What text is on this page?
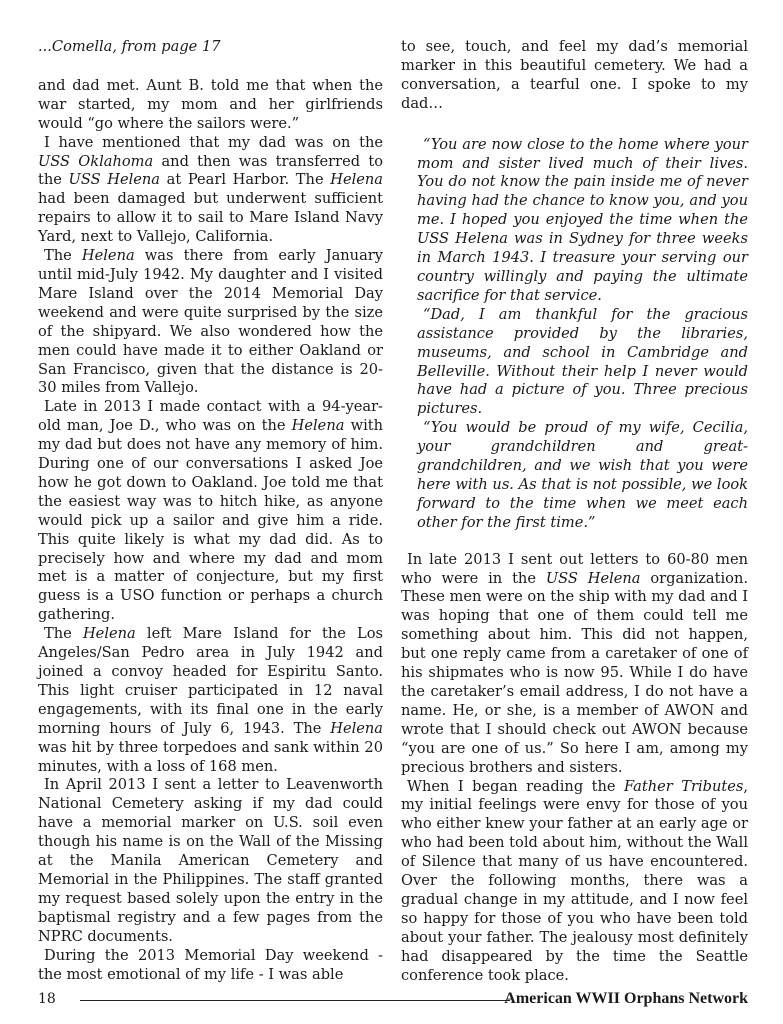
...Comella, from page 17

and dad met. Aunt B. told me that when the war started, my mom and her girlfriends would “go where the sailors were.”

I have mentioned that my dad was on the USS Oklahoma and then was transferred to the USS Helena at Pearl Harbor. The Helena had been damaged but underwent sufficient repairs to allow it to sail to Mare Island Navy Yard, next to Vallejo, California.

The Helena was there from early January until mid-July 1942. My daughter and I visited Mare Island over the 2014 Memorial Day weekend and were quite surprised by the size of the shipyard. We also wondered how the men could have made it to either Oakland or San Francisco, given that the distance is 20-30 miles from Vallejo.

Late in 2013 I made contact with a 94-year-old man, Joe D., who was on the Helena with my dad but does not have any memory of him. During one of our conversations I asked Joe how he got down to Oakland. Joe told me that the easiest way was to hitch hike, as anyone would pick up a sailor and give him a ride. This quite likely is what my dad did. As to precisely how and where my dad and mom met is a matter of conjecture, but my first guess is a USO function or perhaps a church gathering.

The Helena left Mare Island for the Los Angeles/San Pedro area in July 1942 and joined a convoy headed for Espiritu Santo. This light cruiser participated in 12 naval engagements, with its final one in the early morning hours of July 6, 1943. The Helena was hit by three torpedoes and sank within 20 minutes, with a loss of 168 men.

In April 2013 I sent a letter to Leavenworth National Cemetery asking if my dad could have a memorial marker on U.S. soil even though his name is on the Wall of the Missing at the Manila American Cemetery and Memorial in the Philippines. The staff granted my request based solely upon the entry in the baptismal registry and a few pages from the NPRC documents.

During the 2013 Memorial Day weekend - the most emotional of my life - I was able

to see, touch, and feel my dad’s memorial marker in this beautiful cemetery. We had a conversation, a tearful one. I spoke to my dad…

“You are now close to the home where your mom and sister lived much of their lives. You do not know the pain inside me of never having had the chance to know you, and you me. I hoped you enjoyed the time when the USS Helena was in Sydney for three weeks in March 1943. I treasure your serving our country willingly and paying the ultimate sacrifice for that service.

“Dad, I am thankful for the gracious assistance provided by the libraries, museums, and school in Cambridge and Belleville. Without their help I never would have had a picture of you. Three precious pictures.

“You would be proud of my wife, Cecilia, your grandchildren and great-grandchildren, and we wish that you were here with us. As that is not possible, we look forward to the time when we meet each other for the first time.”

In late 2013 I sent out letters to 60-80 men who were in the USS Helena organization. These men were on the ship with my dad and I was hoping that one of them could tell me something about him. This did not happen, but one reply came from a caretaker of one of his shipmates who is now 95. While I do have the caretaker’s email address, I do not have a name. He, or she, is a member of AWON and wrote that I should check out AWON because “you are one of us.” So here I am, among my precious brothers and sisters.

When I began reading the Father Tributes, my initial feelings were envy for those of you who either knew your father at an early age or who had been told about him, without the Wall of Silence that many of us have encountered. Over the following months, there was a gradual change in my attitude, and I now feel so happy for those of you who have been told about your father. The jealousy most definitely had disappeared by the time the Seattle conference took place.

18	American WWII Orphans Network
